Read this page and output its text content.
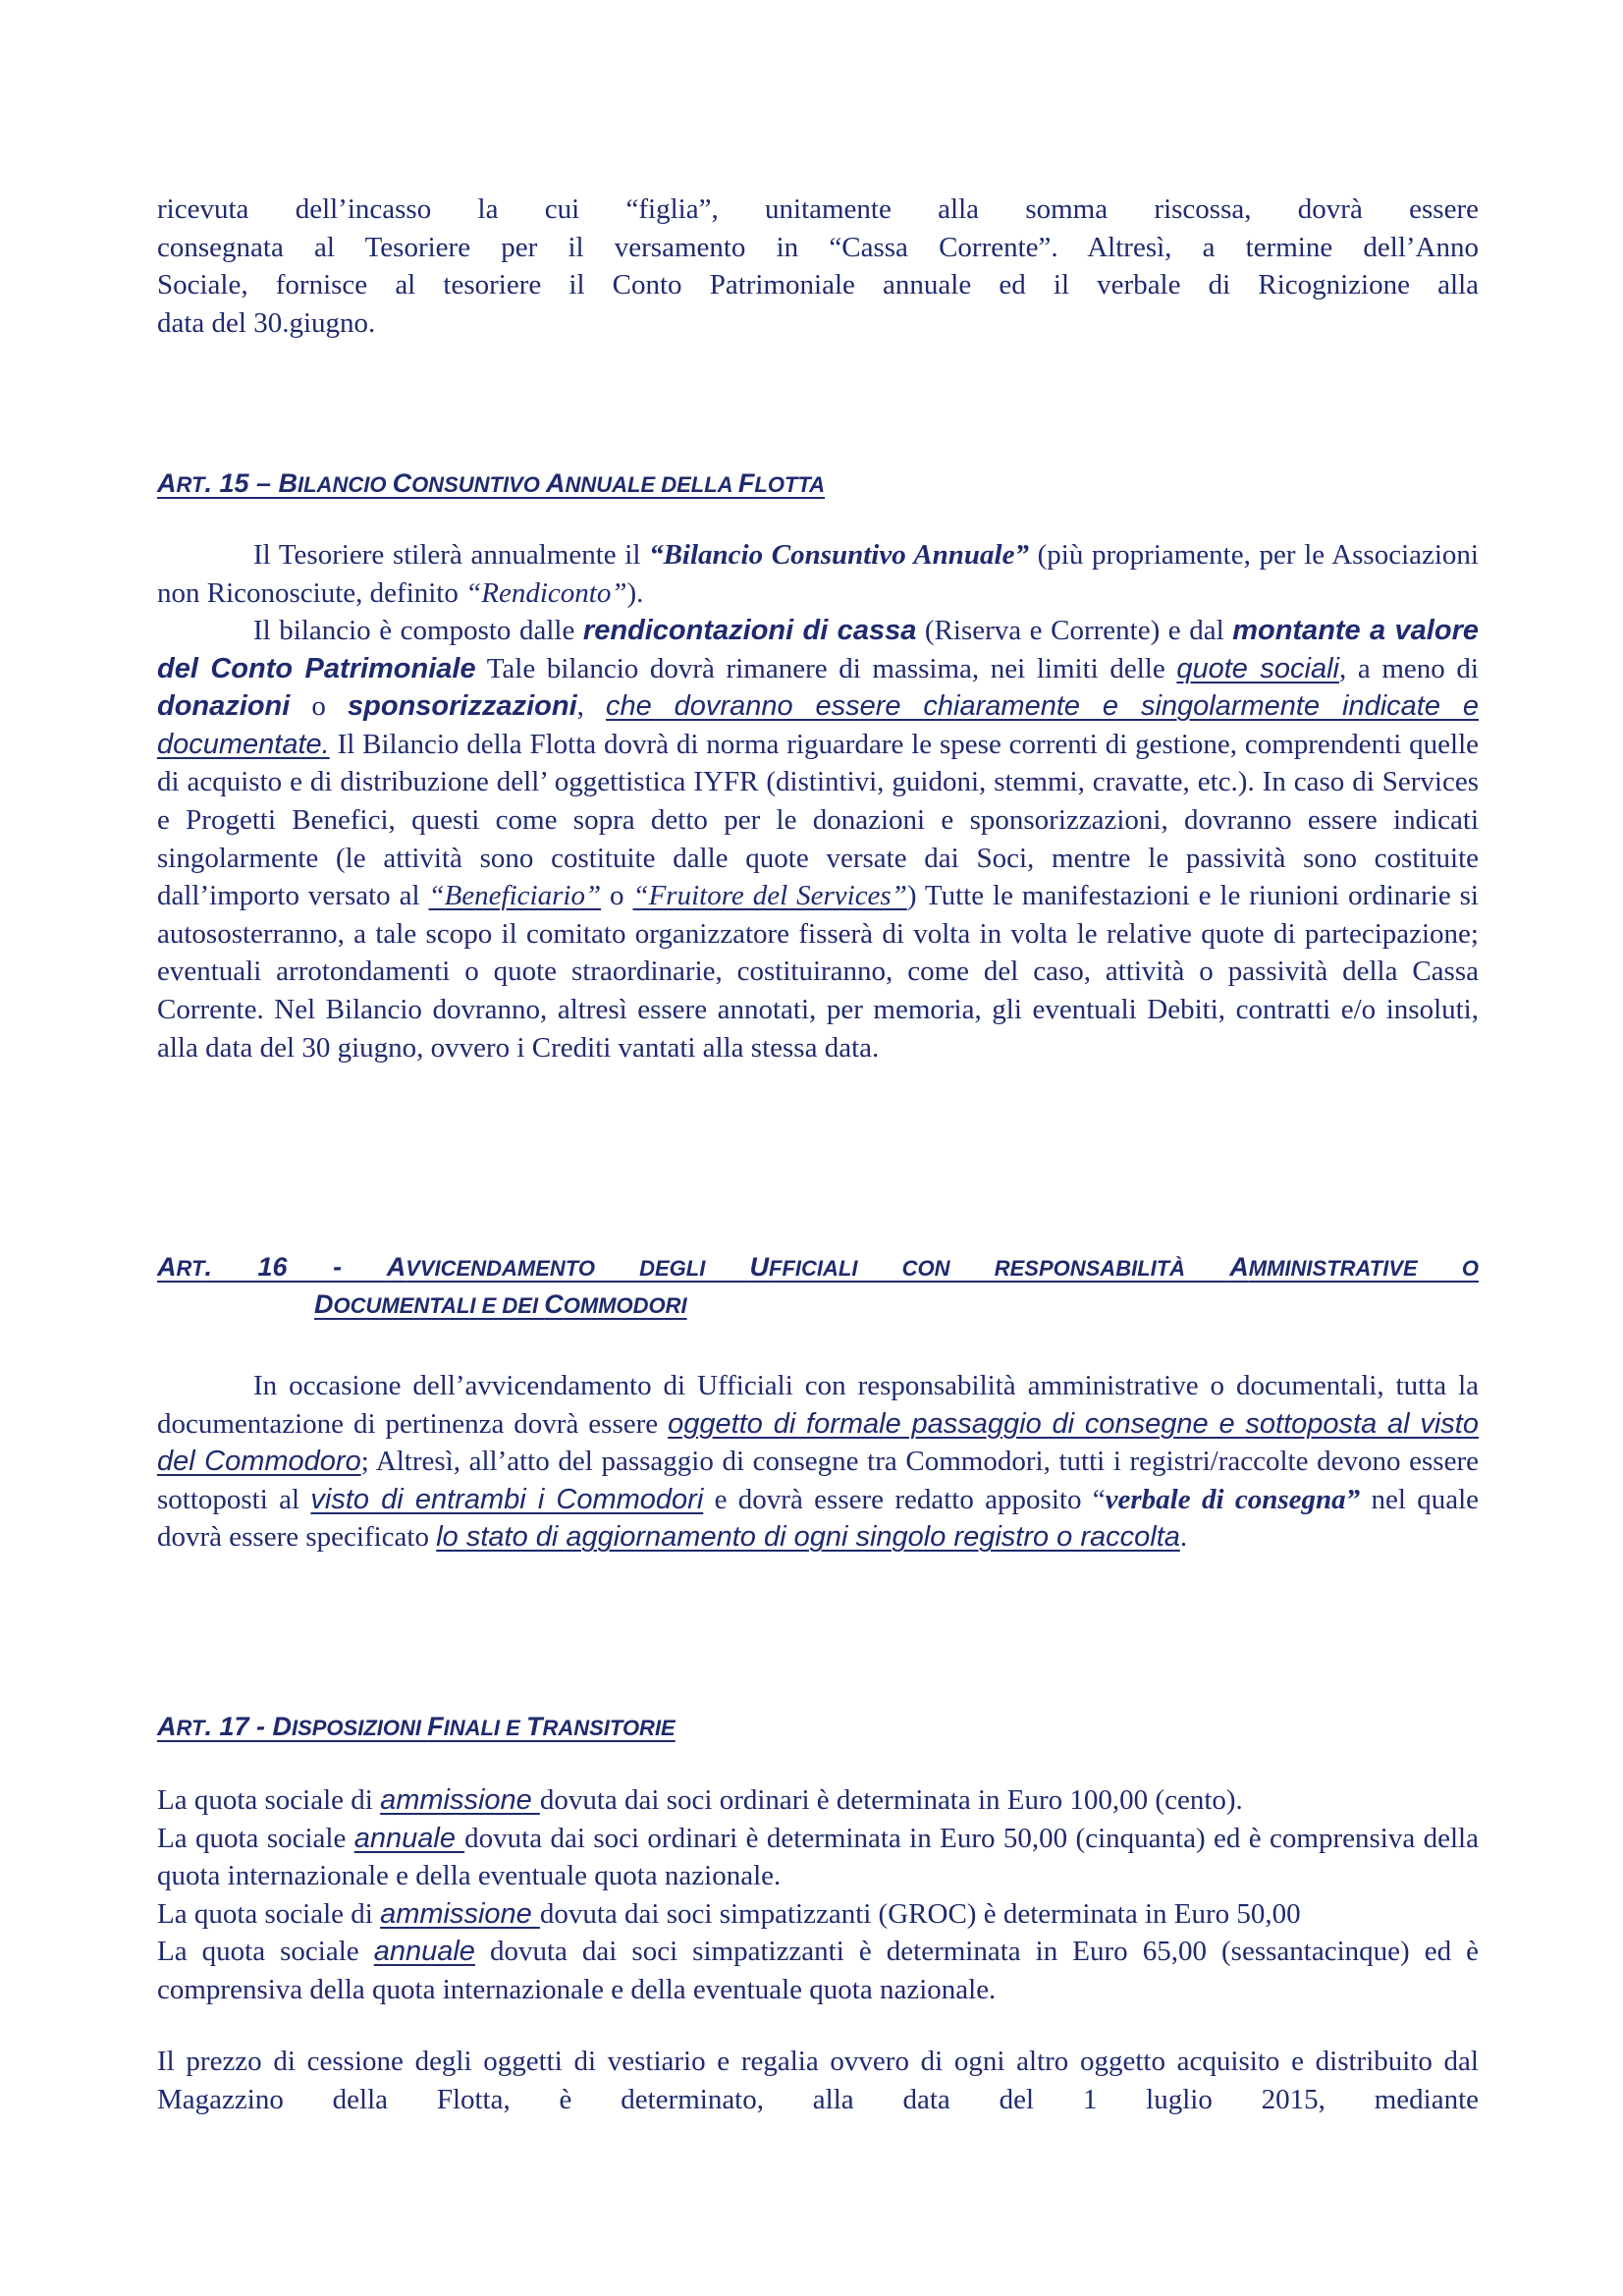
ricevuta dell’incasso la cui “figlia”, unitamente alla somma riscossa, dovrà essere
consegnata al Tesoriere per il versamento in “Cassa Corrente”. Altresì, a termine dell’Anno
Sociale, fornisce al tesoriere il Conto Patrimoniale annuale ed il verbale di Ricognizione alla
data del 30.giugno.
ART. 15 – BILANCIO CONSUNTIVO ANNUALE DELLA FLOTTA
Il Tesoriere stilerà annualmente il “Bilancio Consuntivo Annuale” (più propriamente, per le Associazioni non Riconosciute, definito “Rendiconto”).
Il bilancio è composto dalle rendicontazioni di cassa (Riserva e Corrente) e dal montante a valore del Conto Patrimoniale Tale bilancio dovrà rimanere di massima, nei limiti delle quote sociali, a meno di donazioni o sponsorizzazioni, che dovranno essere chiaramente e singolarmente indicate e documentate. Il Bilancio della Flotta dovrà di norma riguardare le spese correnti di gestione, comprendenti quelle di acquisto e di distribuzione dell’ oggettistica IYFR (distintivi, guidoni, stemmi, cravatte, etc.). In caso di Services e Progetti Benefici, questi come sopra detto per le donazioni e sponsorizzazioni, dovranno essere indicati singolarmente (le attività sono costituite dalle quote versate dai Soci, mentre le passività sono costituite dall’importo versato al “Beneficiario” o “Fruitore del Services”) Tutte le manifestazioni e le riunioni ordinarie si autososterranno, a tale scopo il comitato organizzatore fisserà di volta in volta le relative quote di partecipazione; eventuali arrotondamenti o quote straordinarie, costituiranno, come del caso, attività o passività della Cassa Corrente. Nel Bilancio dovranno, altresì essere annotati, per memoria, gli eventuali Debiti, contratti e/o insoluti, alla data del 30 giugno, ovvero i Crediti vantati alla stessa data.
ART. 16 - AVVICENDAMENTO DEGLI UFFICIALI CON RESPONSABILITÀ AMMINISTRATIVE O
DOCUMENTALI E DEI COMMODORI
In occasione dell’avvicendamento di Ufficiali con responsabilità amministrative o documentali, tutta la documentazione di pertinenza dovrà essere oggetto di formale passaggio di consegne e sottoposta al visto del Commodoro; Altresì, all’atto del passaggio di consegne tra Commodori, tutti i registri/raccolte devono essere sottoposti al visto di entrambi i Commodori e dovrà essere redatto apposito “verbale di consegna” nel quale dovrà essere specificato lo stato di aggiornamento di ogni singolo registro o raccolta.
ART. 17 - DISPOSIZIONI FINALI E TRANSITORIE
La quota sociale di ammissione dovuta dai soci ordinari è determinata in Euro 100,00 (cento).
La quota sociale annuale dovuta dai soci ordinari è determinata in Euro 50,00 (cinquanta) ed è comprensiva della quota internazionale e della eventuale quota nazionale.
La quota sociale di ammissione dovuta dai soci simpatizzanti (GROC) è determinata in Euro 50,00
La quota sociale annuale dovuta dai soci simpatizzanti è determinata in Euro 65,00 (sessantacinque) ed è comprensiva della quota internazionale e della eventuale quota nazionale.
Il prezzo di cessione degli oggetti di vestiario e regalia ovvero di ogni altro oggetto acquisito e distribuito dal Magazzino della Flotta, è determinato, alla data del 1 luglio 2015, mediante
